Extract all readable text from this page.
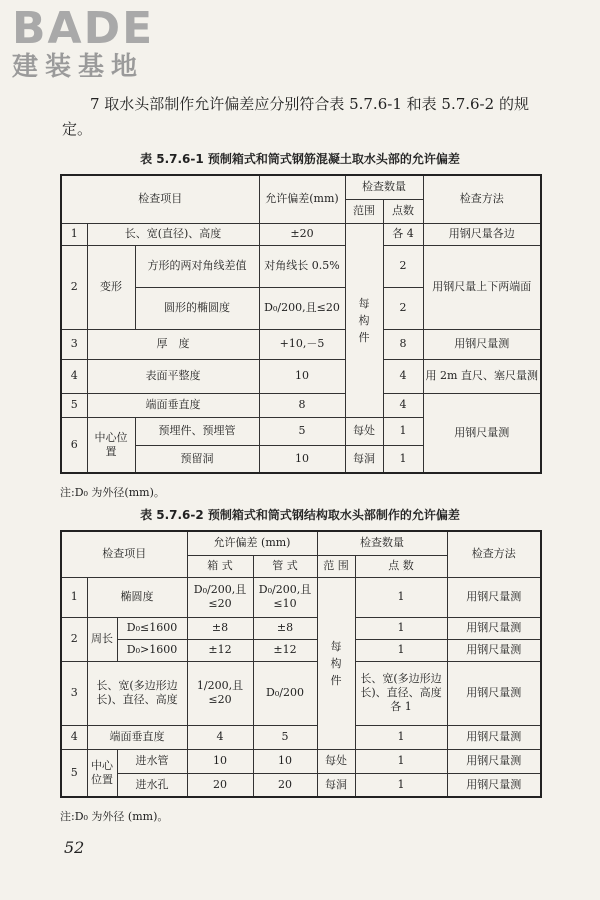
BADE
建装基地

7 取水头部制作允许偏差应分别符合表 5.7.6-1 和表 5.7.6-2 的规定。

表 5.7.6-1 预制箱式和筒式钢筋混凝土取水头部的允许偏差
检查项目			允许偏差(mm)	检查数量		检查方法
				范围	点数	
1	长、宽(直径)、高度		±20	每构件	各 4	用钢尺量各边
2	变形	方形的两对角线差值	对角线长 0.5%		2	用钢尺量上下两端面
		圆形的椭圆度	D₀/200,且≤20		2	
3	厚　度		+10,－5		8	用钢尺量测
4	表面平整度		10		4	用 2m 直尺、塞尺量测
5	端面垂直度		8		4	用钢尺量测
6	中心位置	预埋件、预埋管	5	每处	1	
		预留洞	10	每洞	1	
注:D₀ 为外径(mm)。
表 5.7.6-2 预制箱式和筒式钢结构取水头部制作的允许偏差
检查项目			允许偏差 (mm)		检查数量		检查方法
			箱 式	管 式	范 围	点 数	
1	椭圆度		D₀/200,且≤20	D₀/200,且≤10	每构件	1	用钢尺量测
2	周长	D₀≤1600	±8	±8		1	用钢尺量测
		D₀>1600	±12	±12		1	用钢尺量测
3	长、宽(多边形边长)、直径、高度		1/200,且≤20	D₀/200		长、宽(多边形边长)、直径、高度各 1	用钢尺量测
4	端面垂直度		4	5		1	用钢尺量测
5	中心位置	进水管	10	10	每处	1	用钢尺量测
		进水孔	20	20	每洞	1	用钢尺量测
注:D₀ 为外径 (mm)。
52
